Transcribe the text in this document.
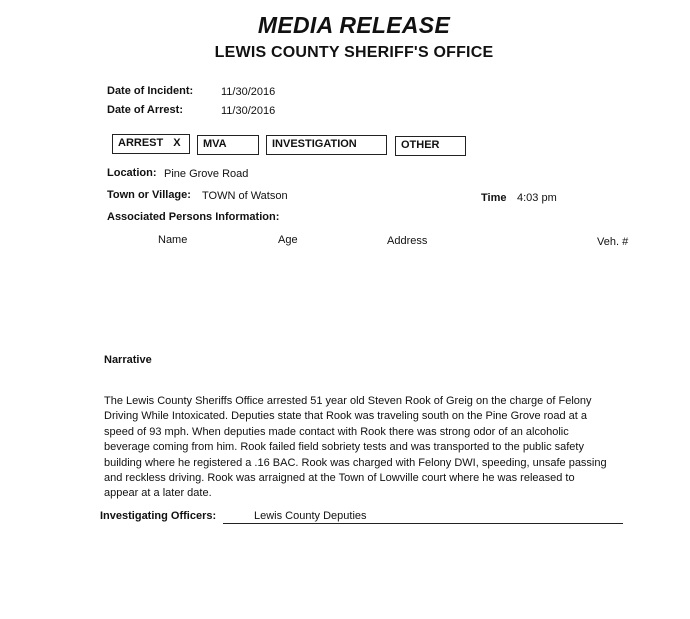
MEDIA RELEASE
LEWIS COUNTY SHERIFF'S OFFICE
Date of Incident:	11/30/2016
Date of Arrest:	11/30/2016
ARREST X	MVA	INVESTIGATION	OTHER
Location: Pine Grove Road
Town or Village: TOWN of Watson	Time 4:03 pm
Associated Persons Information:
Name	Age	Address	Veh. #
Narrative
The Lewis County Sheriffs Office arrested 51 year old Steven Rook of Greig on the charge of Felony
Driving While Intoxicated. Deputies state that Rook was traveling south on the Pine Grove road at a
speed of 93 mph. When deputies made contact with Rook there was strong odor of an alcoholic
beverage coming from him. Rook failed field sobriety tests and was transported to the public safety
building where he registered a .16 BAC. Rook was charged with Felony DWI, speeding, unsafe passing
and reckless driving. Rook was arraigned at the Town of Lowville court where he was released to
appear at a later date.
Investigating Officers:	Lewis County Deputies
